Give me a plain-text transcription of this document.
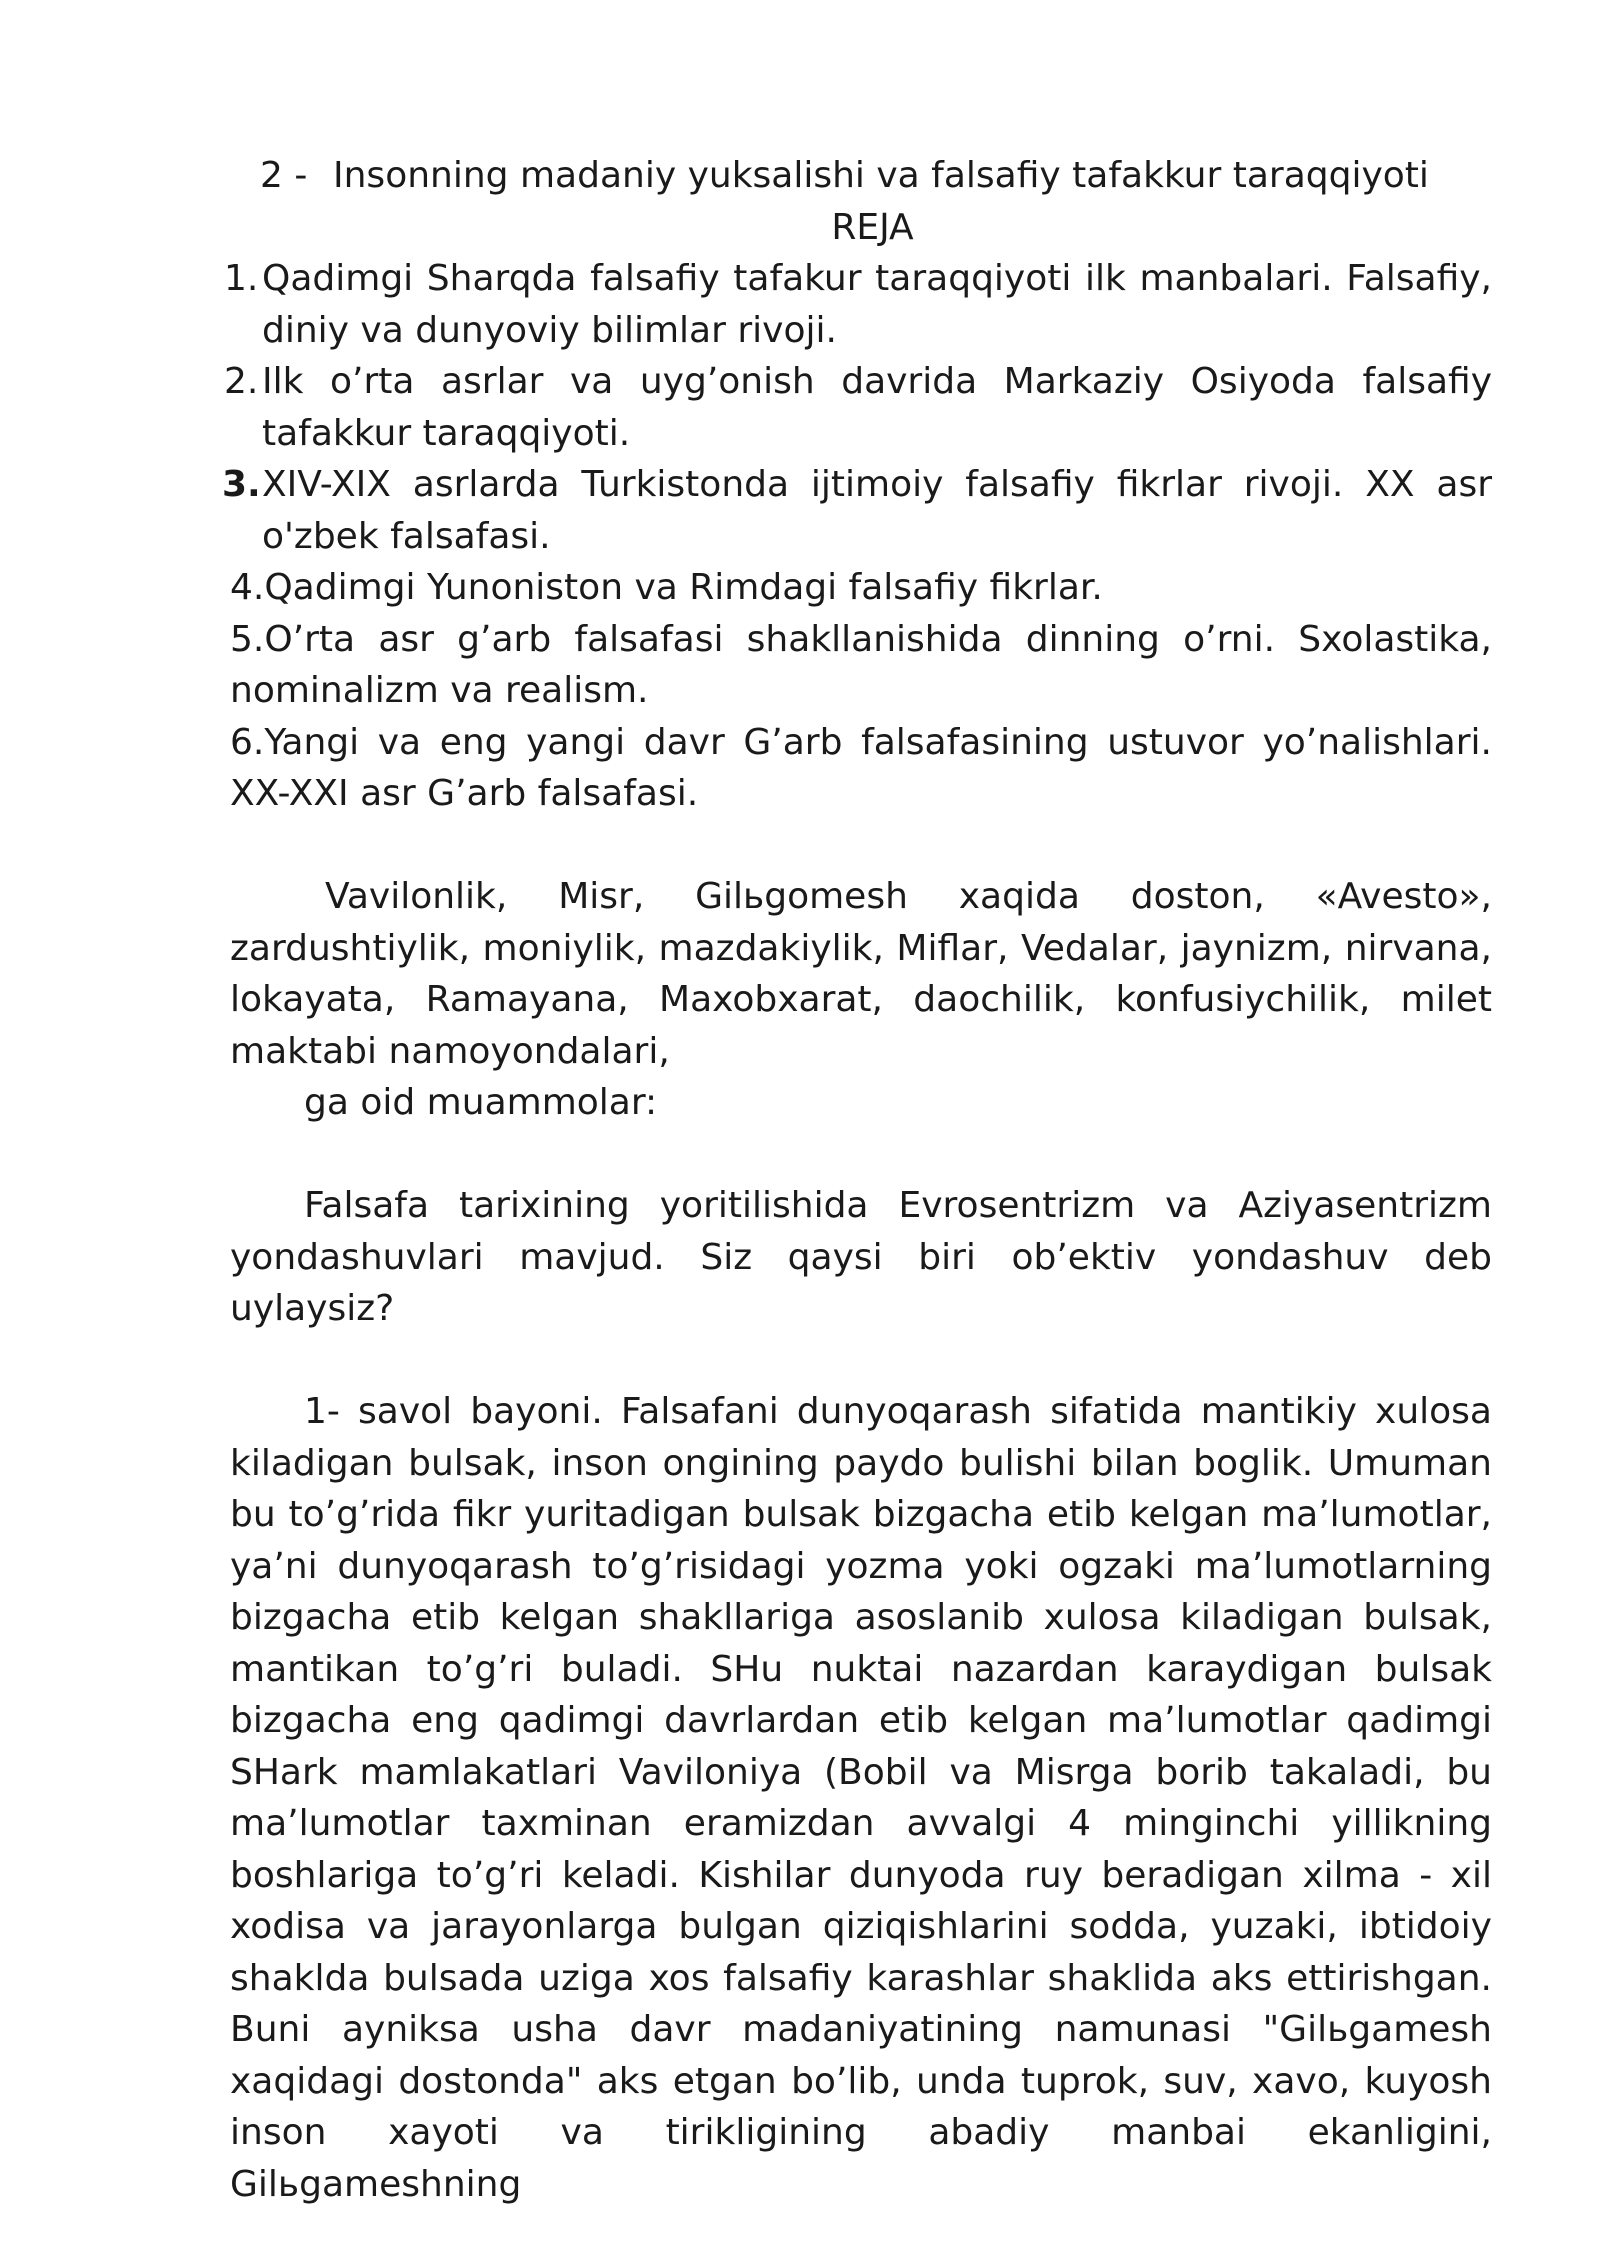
2 - Insonning madaniy yuksalishi va falsafiy tafakkur taraqqiyoti
REJA
1. Qadimgi Sharqda falsafiy tafakur taraqqiyoti ilk manbalari. Falsafiy, diniy va dunyoviy bilimlar rivoji.
2. Ilk o’rta asrlar va uyg’onish davrida Markaziy Osiyoda falsafiy tafakkur taraqqiyoti.
3. XIV-XIX asrlarda Turkistonda ijtimoiy falsafiy fikrlar rivoji. XX asr o'zbek falsafasi.
4.Qadimgi Yunoniston va Rimdagi falsafiy fikrlar.
5.O’rta asr g’arb falsafasi shakllanishida dinning o’rni. Sxolastika, nominalizm va realism.
6.Yangi va eng yangi davr G’arb falsafasining ustuvor yo’nalishlari. XX-XXI asr G’arb falsafasi.
Vavilonlik, Misr, Gilьgomesh xaqida doston, «Avesto», zardushtiylik, moniylik, mazdakiylik, Miflar, Vedalar, jaynizm, nirvana, lokayata, Ramayana, Maxobxarat, daochilik, konfusiychilik, milet maktabi namoyondalari,
ga oid muammolar:
Falsafa tarixining yoritilishida Evrosentrizm va Aziyasentrizm yondashuvlari mavjud. Siz qaysi biri ob’ektiv yondashuv deb uylaysiz?
1- savol bayoni. Falsafani dunyoqarash sifatida mantikiy xulosa kiladigan bulsak, inson ongining paydo bulishi bilan boglik. Umuman bu to’g’rida fikr yuritadigan bulsak bizgacha etib kelgan ma’lumotlar, ya’ni dunyoqarash to’g’risidagi yozma yoki ogzaki ma’lumotlarning bizgacha etib kelgan shakllariga asoslanib xulosa kiladigan bulsak, mantikan to’g’ri buladi. SHu nuktai nazardan karaydigan bulsak bizgacha eng qadimgi davrlardan etib kelgan ma’lumotlar qadimgi SHark mamlakatlari Vaviloniya (Bobil va Misrga borib takaladi, bu ma’lumotlar taxminan eramizdan avvalgi 4 minginchi yillikning boshlariga to’g’ri keladi. Kishilar dunyoda ruy beradigan xilma - xil xodisa va jarayonlarga bulgan qiziqishlarini sodda, yuzaki, ibtidoiy shakldа bulsada uziga xos falsafiy karashlar shaklida aks ettirishgan. Buni ayniksa usha davr madaniyatining namunasi "Gilьgamesh xaqidagi dostonda" aks etgan bo’lib, unda tuprok, suv, xavo, kuyosh inson xayoti va tirikligining abadiy manbai ekanligini, Gilьgameshning
